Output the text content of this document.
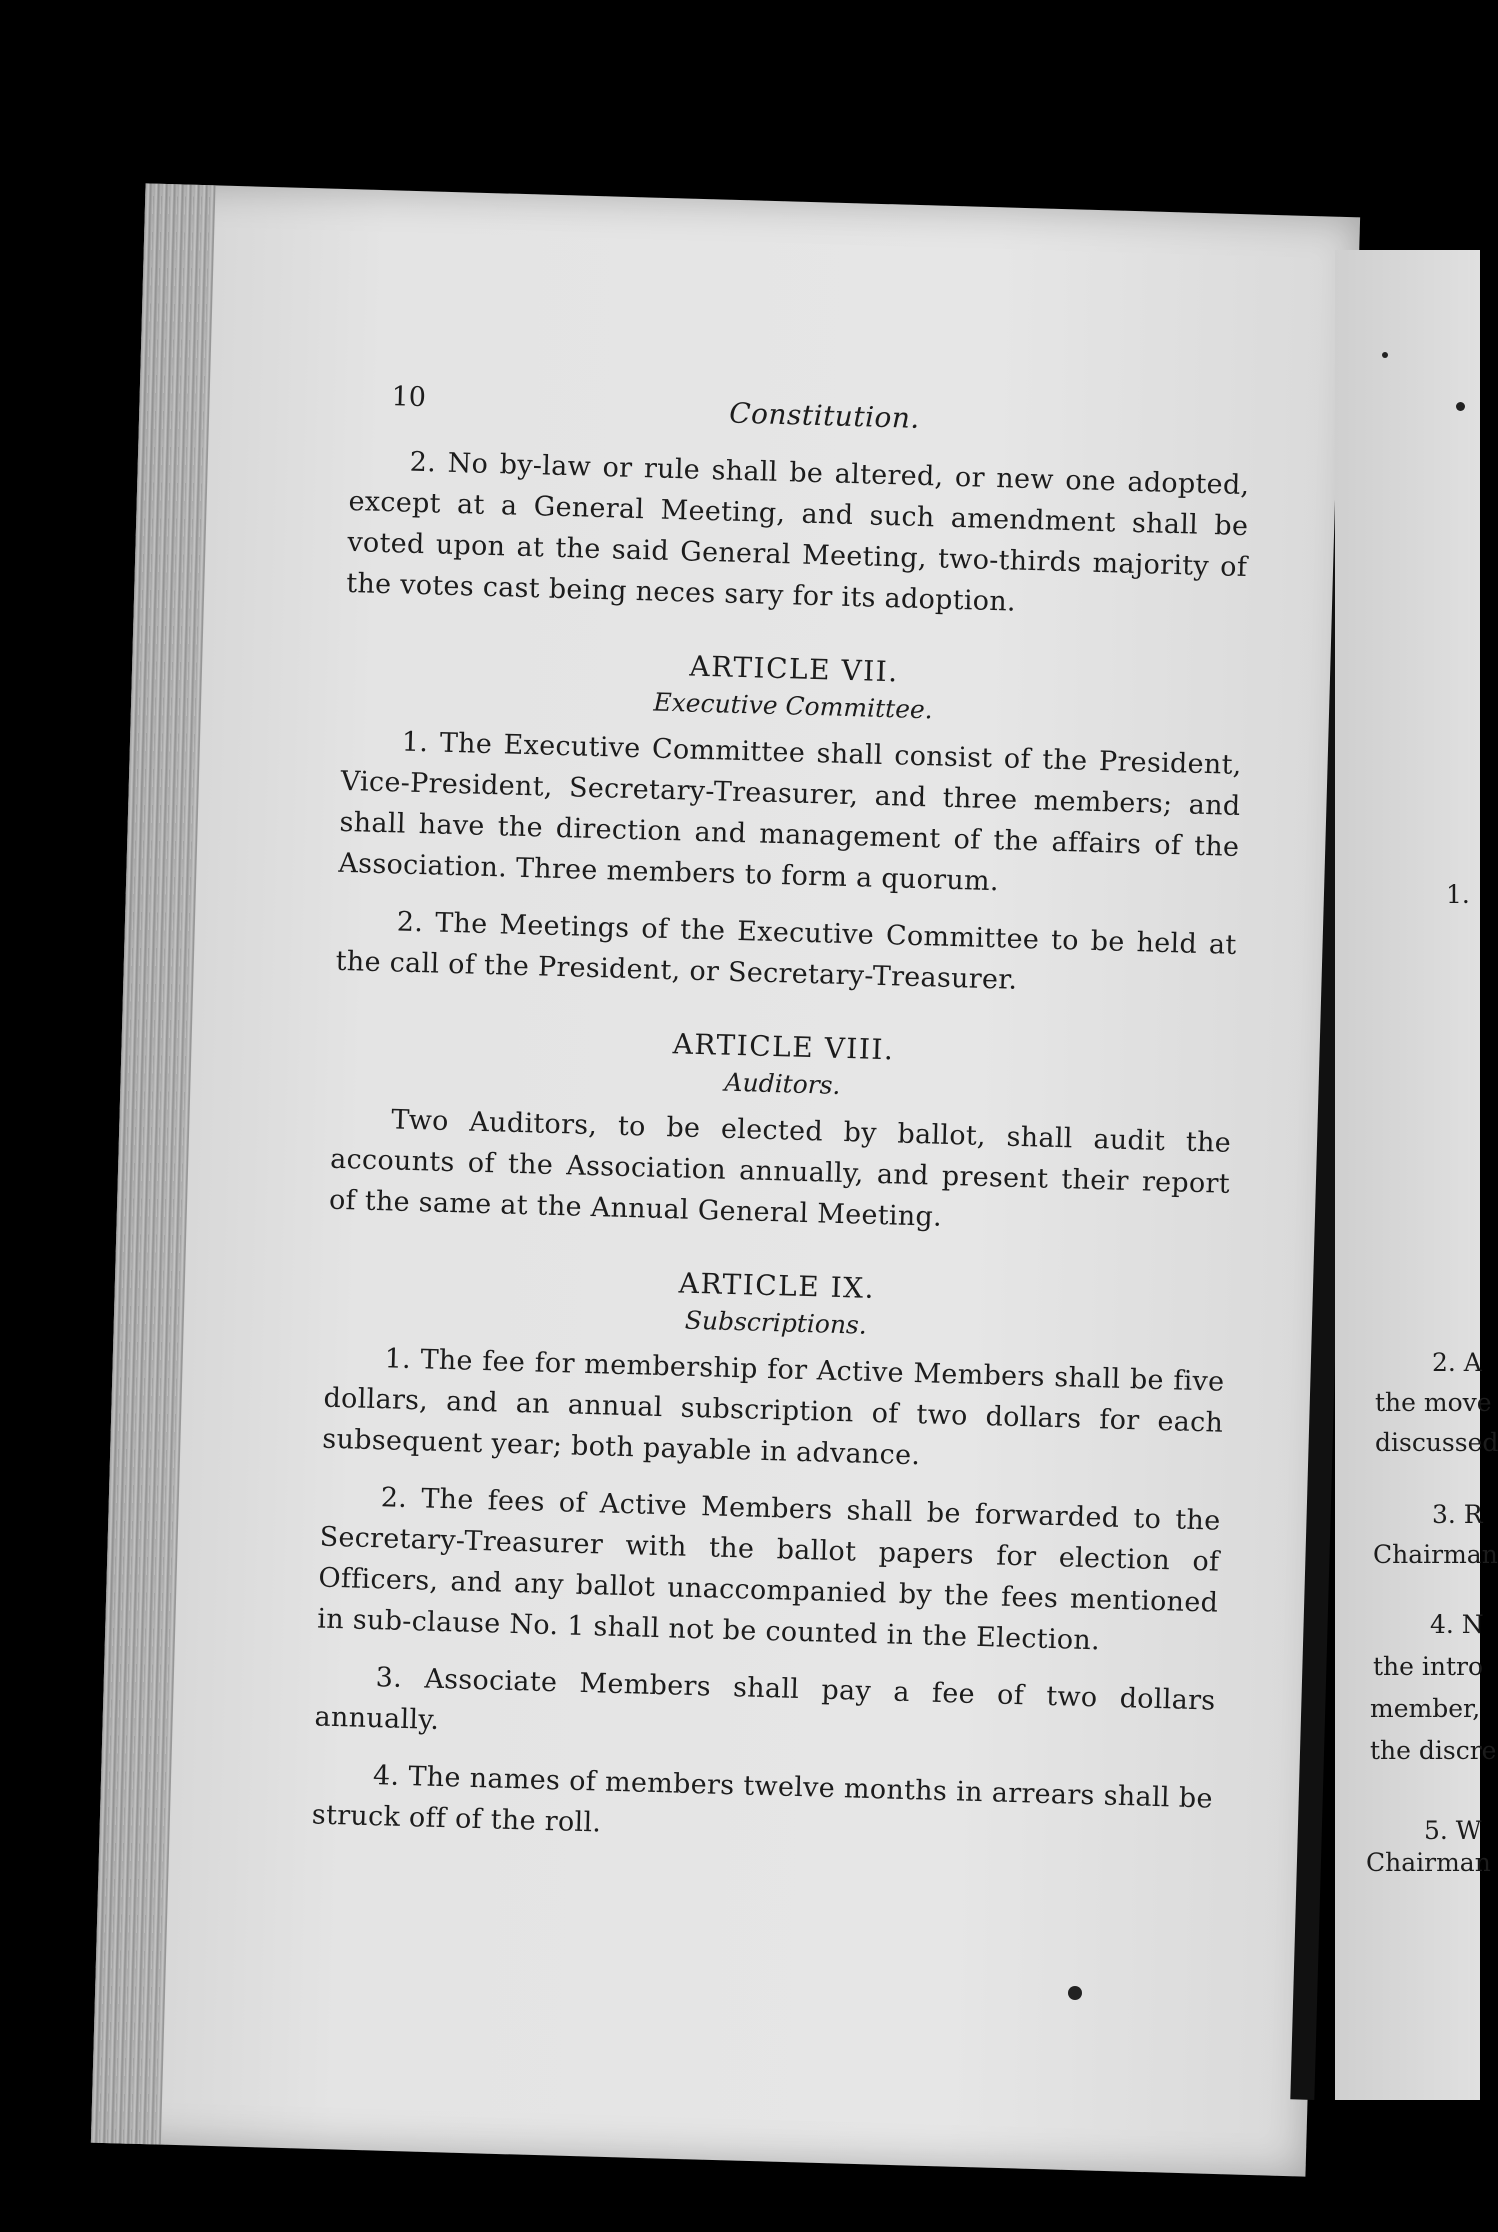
10	Constitution.

2. No by-law or rule shall be altered, or new one adopted, except at a General Meeting, and such amendment shall be voted upon at the said General Meeting, two-thirds majority of the votes cast being neces sary for its adoption.

ARTICLE VII.
Executive Committee.

1. The Executive Committee shall consist of the President, Vice-President, Secretary-Treasurer, and three members; and shall have the direction and management of the affairs of the Association. Three members to form a quorum.

2. The Meetings of the Executive Committee to be held at the call of the President, or Secretary-Treasurer.

ARTICLE VIII.
Auditors.

Two Auditors, to be elected by ballot, shall audit the accounts of the Association annually, and present their report of the same at the Annual General Meeting.

ARTICLE IX.
Subscriptions.

1. The fee for membership for Active Members shall be five dollars, and an annual subscription of two dollars for each subsequent year; both payable in advance.

2. The fees of Active Members shall be forwarded to the Secretary-Treasurer with the ballot papers for election of Officers, and any ballot unaccompanied by the fees mentioned in sub-clause No. 1 shall not be counted in the Election.

3. Associate Members shall pay a fee of two dollars annually.

4. The names of members twelve months in arrears shall be struck off of the roll.

1.
2. A
the move
discussed
3. R
Chairman
4. N
the intro
member,
the discre
5. W
Chairman
